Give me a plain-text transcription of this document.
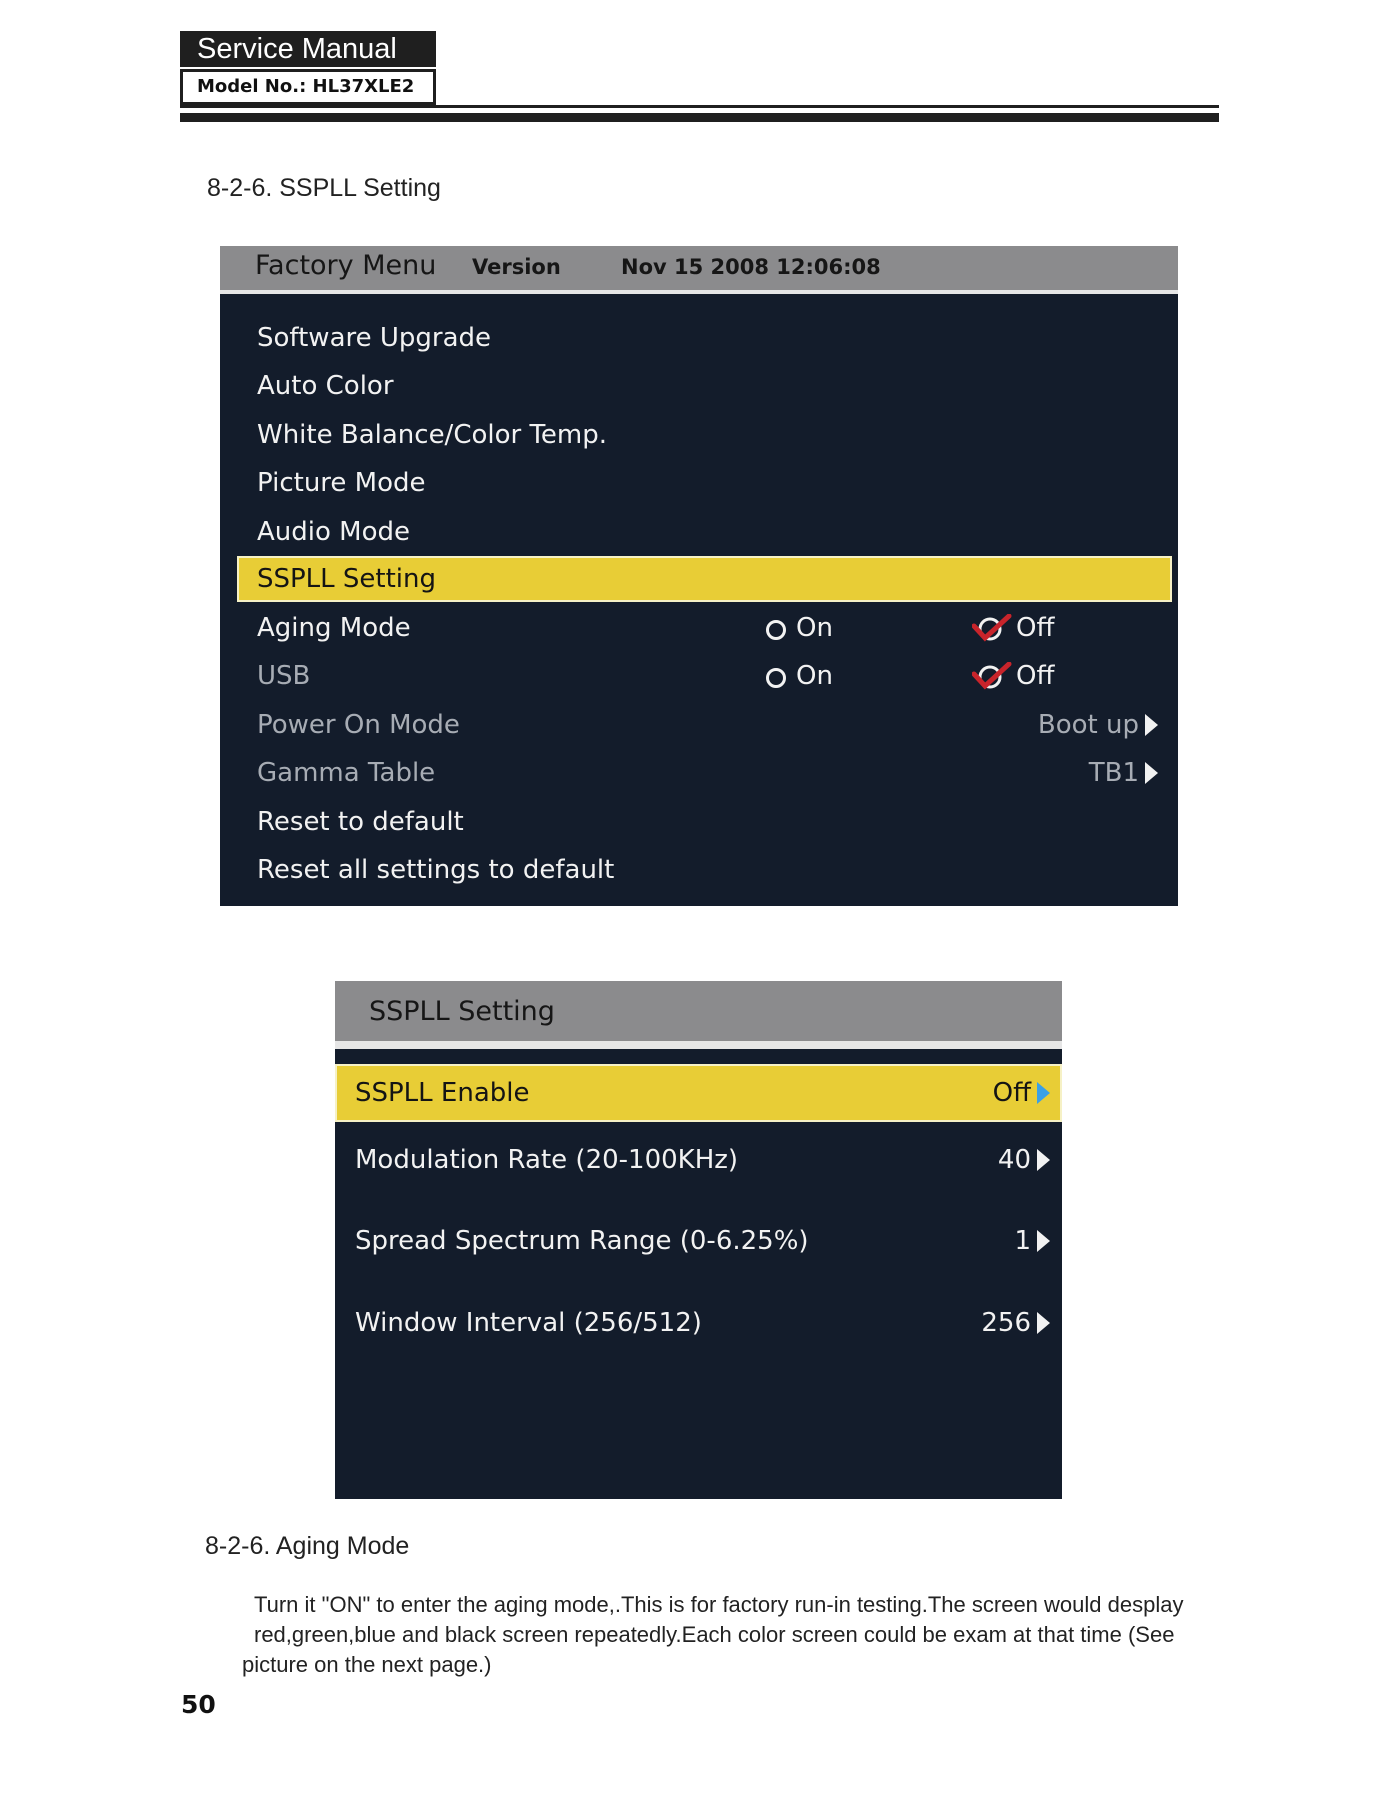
Service Manual
Model No.: HL37XLE2
8-2-6. SSPLL Setting
Factory Menu Version	Nov 15 2008 12:06:08
Software Upgrade
Auto Color
White Balance/Color Temp.
Picture Mode
Audio Mode
SSPLL Setting
Aging Mode	On	Off
USB	On	Off
Power On Mode	Boot up
Gamma Table	TB1
Reset to default
Reset all settings to default
SSPLL Setting
SSPLL Enable	Off
Modulation Rate (20-100KHz)	40
Spread Spectrum Range (0-6.25%)	1
Window Interval (256/512)	256
8-2-6. Aging Mode
Turn it "ON" to enter the aging mode,.This is for factory run-in testing.The screen would desplay
red,green,blue and black screen repeatedly.Each color screen could be exam at that time (See
picture on the next page.)
50
